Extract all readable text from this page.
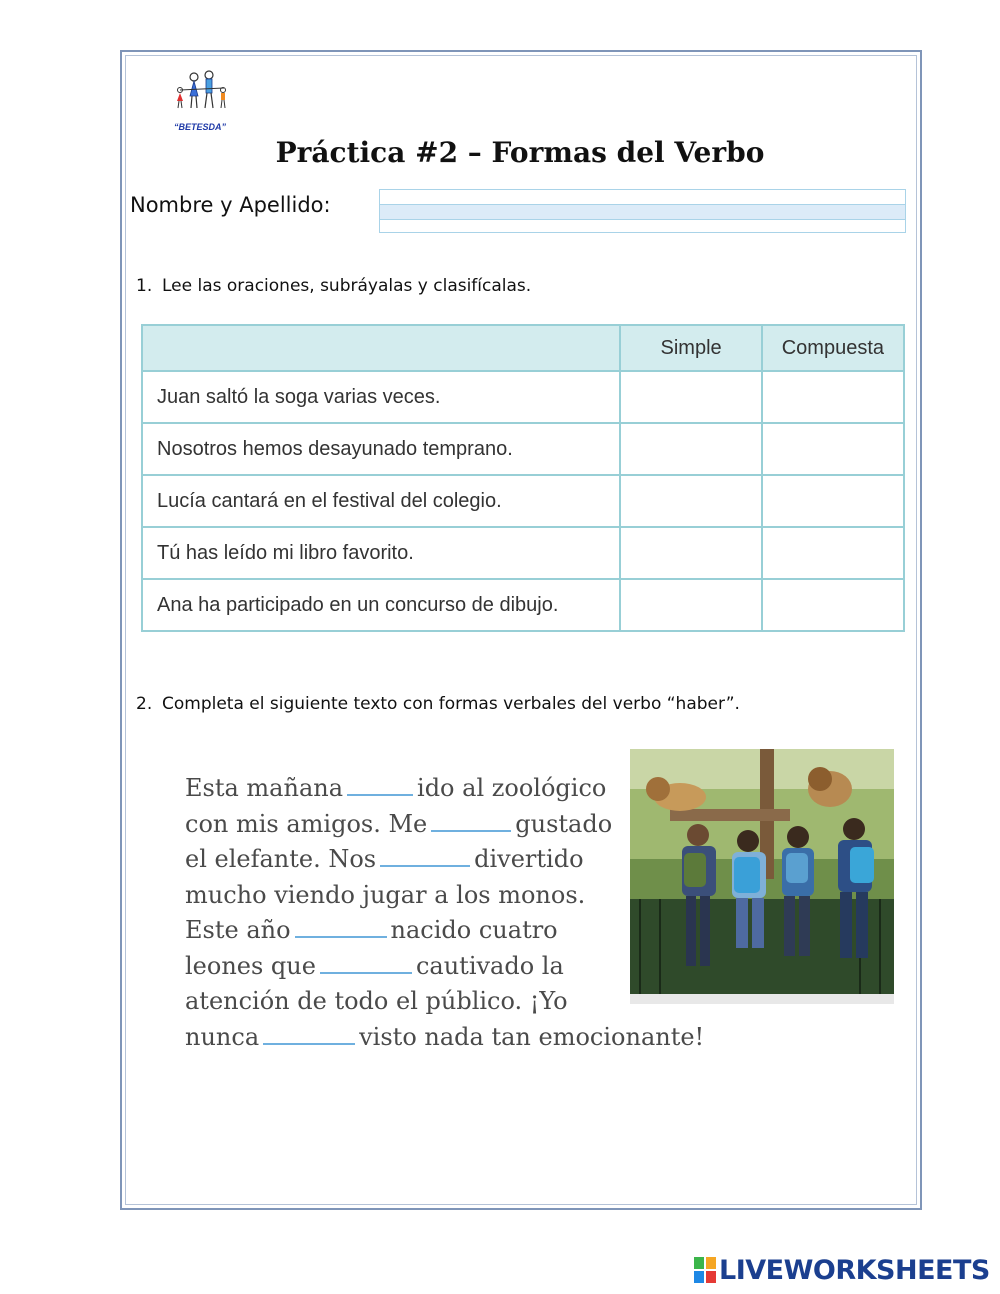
“BETESDA”
Práctica #2 – Formas del Verbo
Nombre y Apellido:
1. Lee las oraciones, subráyalas y clasifícalas.
	Simple	Compuesta
Juan saltó la soga varias veces.		
Nosotros hemos desayunado temprano.		
Lucía cantará en el festival del colegio.		
Tú has leído mi libro favorito.		
Ana ha participado en un concurso de dibujo.		
2. Completa el siguiente texto con formas verbales del verbo “haber”.
Esta mañana	ido al zoológico
con mis amigos. Me	gustado
el elefante. Nos	divertido
mucho viendo jugar a los monos.
Este año	nacido cuatro
leones que	cautivado la
atención de todo el público. ¡Yo
nunca	visto nada tan emocionante!
LIVEWORKSHEETS
